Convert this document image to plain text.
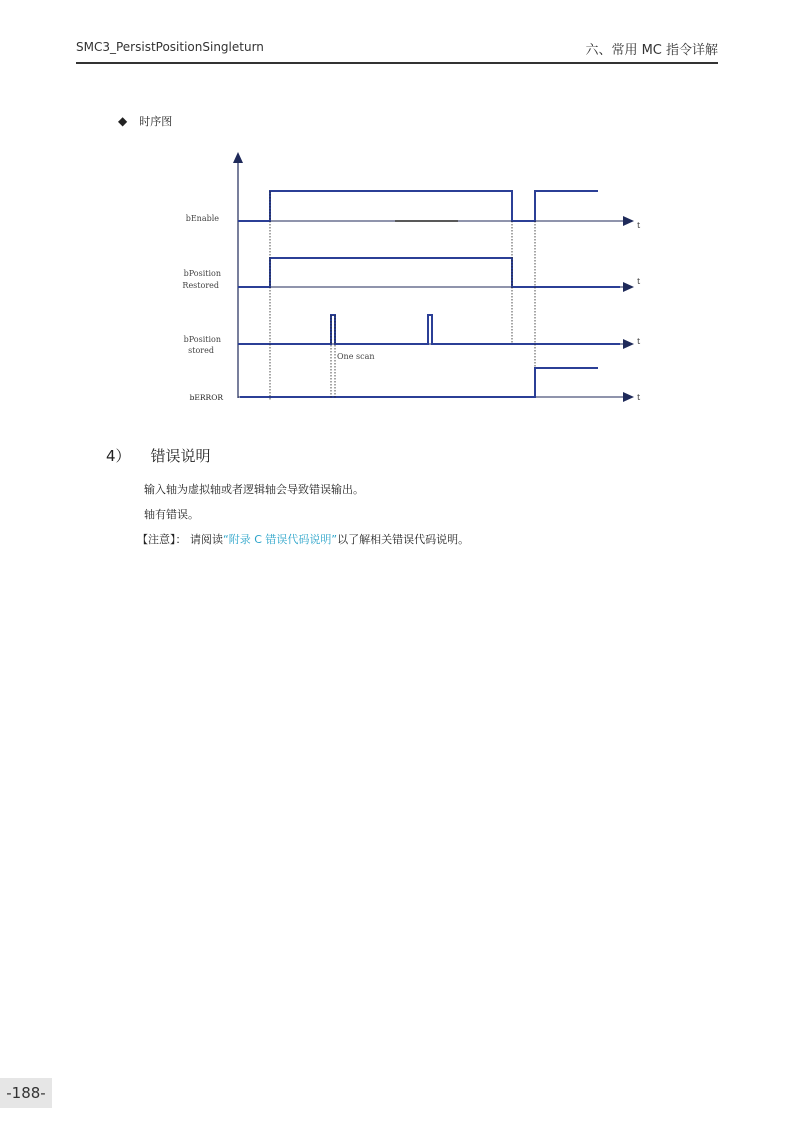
SMC3_PersistPositionSingleturn	六、常用 MC 指令详解
◆ 时序图
t
t
t
t
bEnable
bPosition
Restored
bPosition
stored
bERROR
One scan
4） 错误说明
输入轴为虚拟轴或者逻辑轴会导致错误输出。
轴有错误。
【注意】： 请阅读“附录 C 错误代码说明”以了解相关错误代码说明。
-188-
